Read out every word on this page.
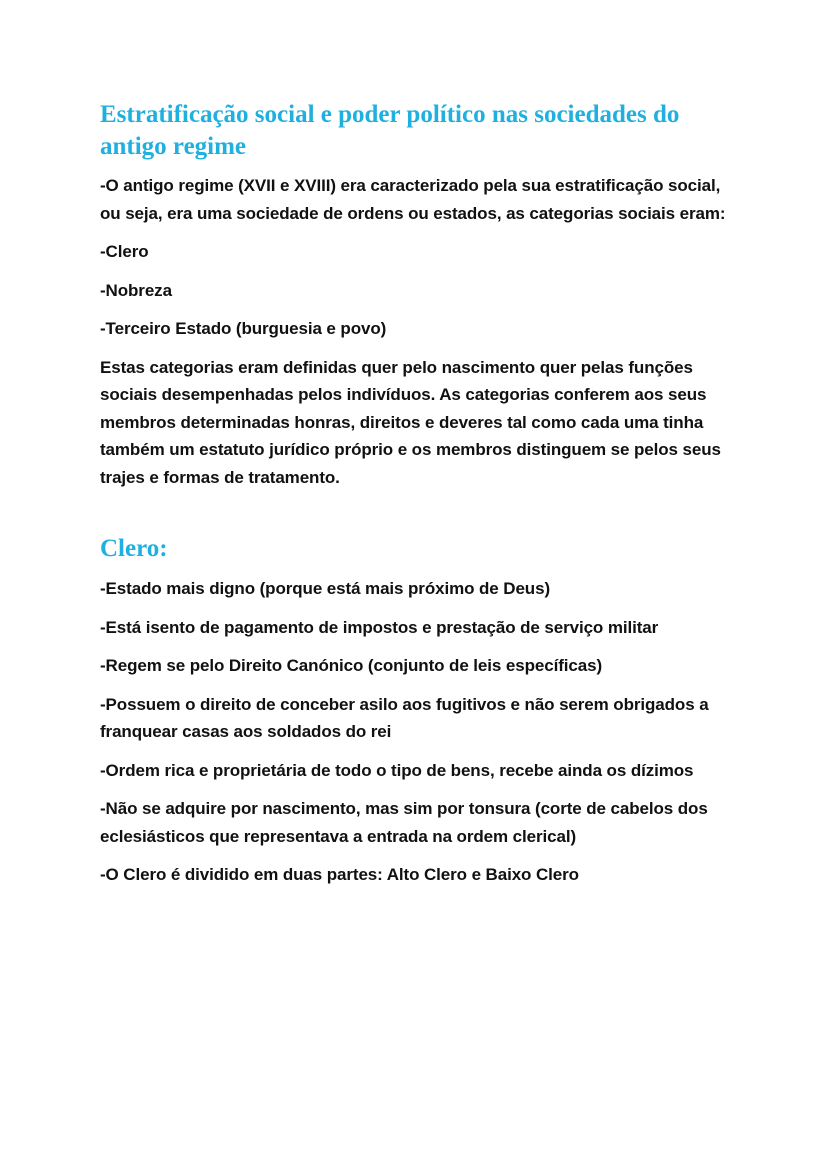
Estratificação social e poder político nas sociedades do antigo regime

-O antigo regime (XVII e XVIII) era caracterizado pela sua estratificação social, ou seja, era uma sociedade de ordens ou estados, as categorias sociais eram:

-Clero

-Nobreza

-Terceiro Estado (burguesia e povo)

Estas categorias eram definidas quer pelo nascimento quer pelas funções sociais desempenhadas pelos indivíduos. As categorias conferem aos seus membros determinadas honras, direitos e deveres tal como cada uma tinha também um estatuto jurídico próprio e os membros distinguem se pelos seus trajes e formas de tratamento.

Clero:

-Estado mais digno (porque está mais próximo de Deus)

-Está isento de pagamento de impostos e prestação de serviço militar

-Regem se pelo Direito Canónico (conjunto de leis específicas)

-Possuem o direito de conceber asilo aos fugitivos e não serem obrigados a franquear casas aos soldados do rei

-Ordem rica e proprietária de todo o tipo de bens, recebe ainda os dízimos

-Não se adquire por nascimento, mas sim por tonsura (corte de cabelos dos eclesiásticos que representava a entrada na ordem clerical)

-O Clero é dividido em duas partes: Alto Clero e Baixo Clero
